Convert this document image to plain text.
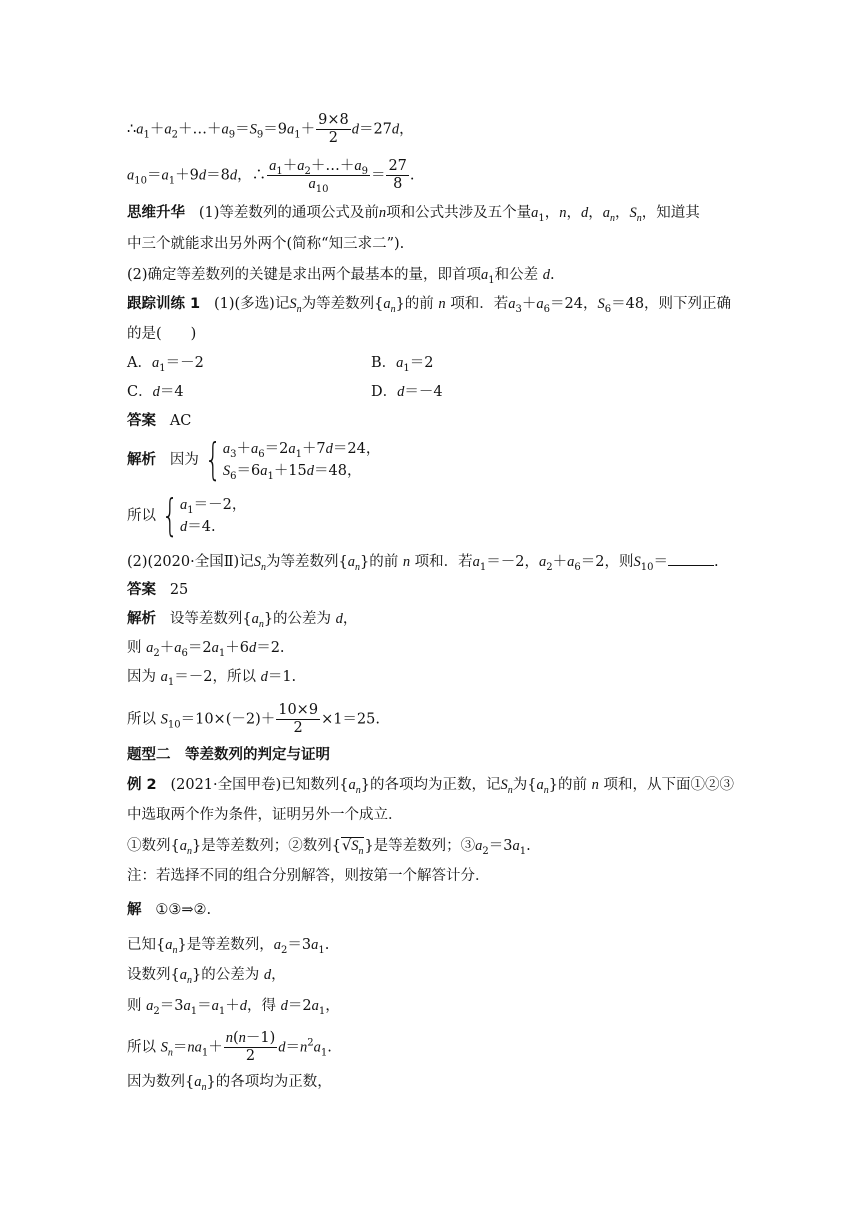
$\therefore a_1+a_2+\dots+a_9=S_9=9a_1+ \frac{9\times 8}{2} d=27d$，
$a_{10}=a_1+9d=8d$，∴ $\frac{a_1+a_2+\dots+a_9}{a_{10}} = \frac{27}{8}$ .
思维升华 (1)等差数列的通项公式及前n项和公式共涉及五个量$a_1$，n，d，$a_n$，$S_n$，知道其
中三个就能求出另外两个(简称“知三求二”).
(2)确定等差数列的关键是求出两个最基本的量，即首项$a_1$和公差 d.
跟踪训练 1 (1)(多选)记$S_n$为等差数列$\{a_n\}$的前 n 项和．若$a_3+a_6=24$，$S_6=48$，则下列正确
的是(　　)
A．$a_1=-2$	B．$a_1=2$
C．d＝4	D．d＝－4
答案 AC
解析 因为 { $a_3+a_6=2a_1+7d=24$，
$S_6=6a_1+15d=48$，
所以 { $a_1=-2$，
d＝4.
(2)(2020·全国Ⅱ)记$S_n$为等差数列$\{a_n\}$的前 n 项和．若$a_1=-2$，$a_2+a_6=2$，则$S_{10}=$	.
答案 25
解析 设等差数列$\{a_n\}$的公差为 d，
则 $a_2+a_6=2a_1+6d=2$.
因为 $a_1=-2$，所以 d＝1.
所以 $S_{10}=10\times(-2)+ \frac{10\times 9}{2} \times 1=25$.
题型二　等差数列的判定与证明
例 2 (2021·全国甲卷)已知数列$\{a_n\}$的各项均为正数，记$S_n$为$\{a_n\}$的前 n 项和，从下面①②③
中选取两个作为条件，证明另外一个成立．
①数列$\{a_n\}$是等差数列；②数列$\{√S_n\}$是等差数列；$③a_2=3a_1$.
注：若选择不同的组合分别解答，则按第一个解答计分．
解 ①③⇒②.
已知$\{a_n\}$是等差数列，$a_2=3a_1$.
设数列$\{a_n\}$的公差为 d，
则 $a_2=3a_1=a_1+d$，得 $d=2a_1$，
所以 $S_n=na_1+ \frac{n(n-1)}{2} d=n^2a_1$.
因为数列$\{a_n\}$的各项均为正数，
